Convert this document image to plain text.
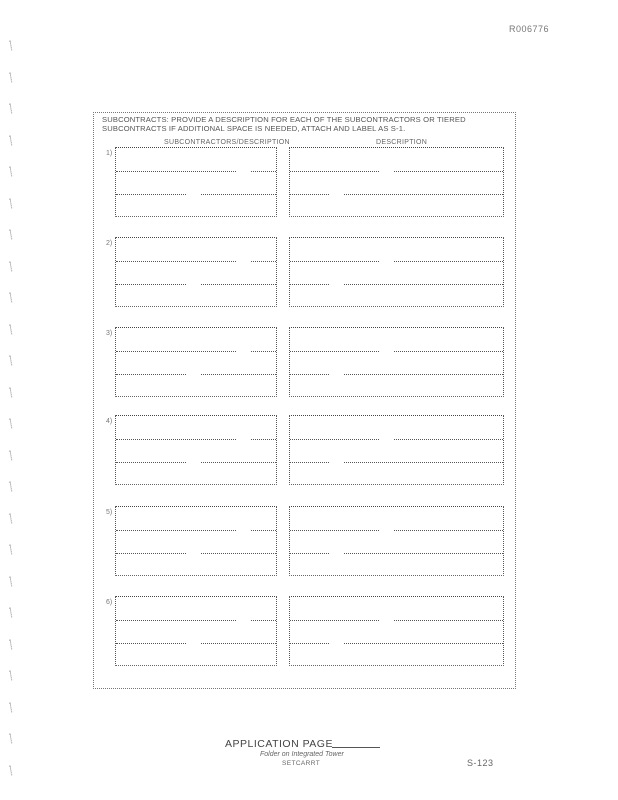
R006776
SUBCONTRACTS: PROVIDE A DESCRIPTION FOR EACH OF THE SUBCONTRACTORS OR TIERED SUBCONTRACTS IF ADDITIONAL SPACE IS NEEDED, ATTACH AND LABEL AS S-1.
SUBCONTRACTORS/DESCRIPTION	DESCRIPTION
1)
2)
3)
4)
5)
6)
APPLICATION PAGE
Folder on Integrated Tower
SETCARRT	S-123
